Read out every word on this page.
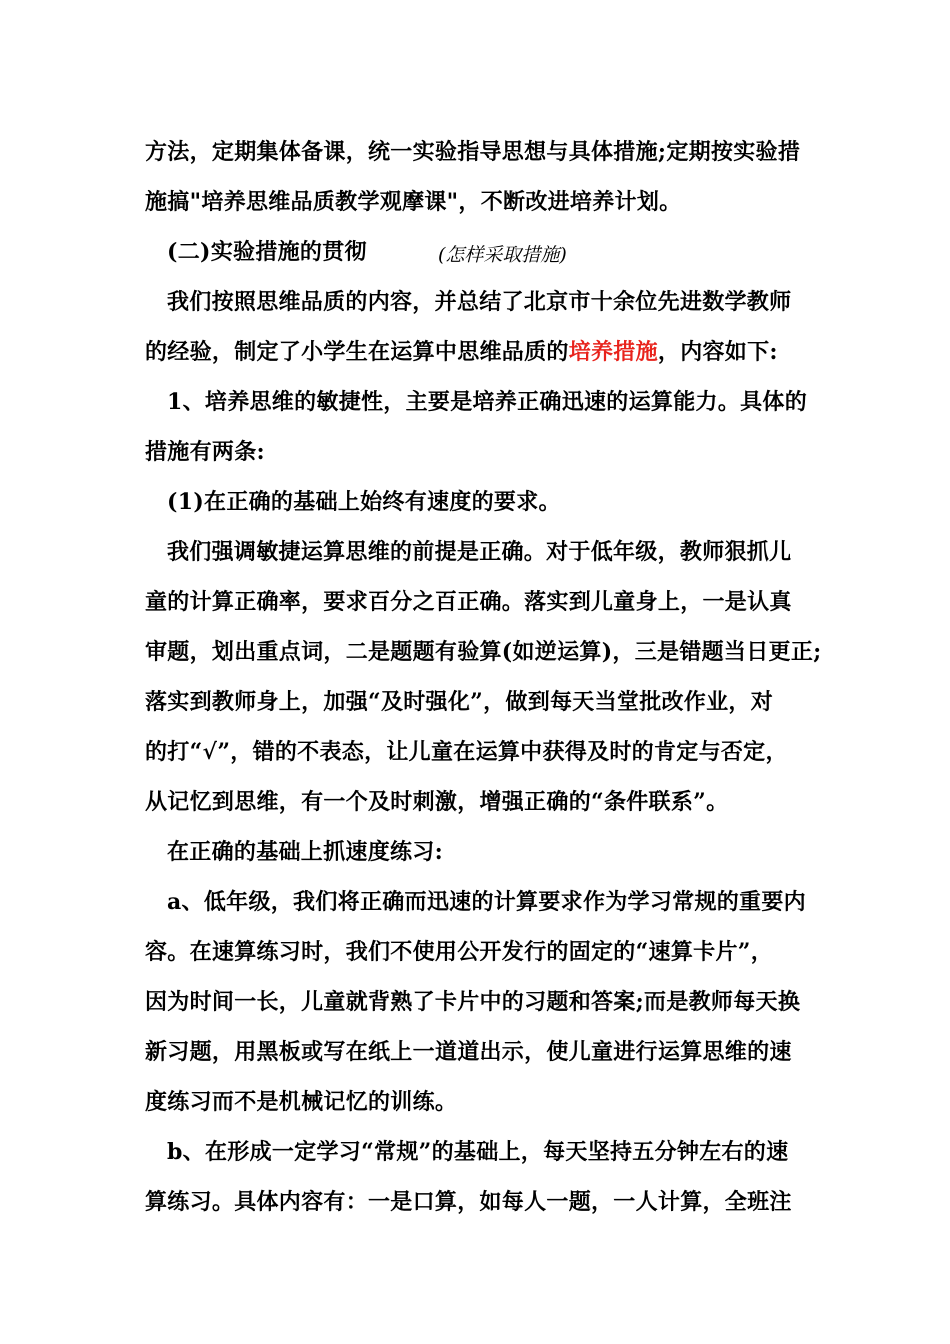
方法，定期集体备课，统一实验指导思想与具体措施;定期按实验措
施搞"培养思维品质教学观摩课"，不断改进培养计划。
(二)实验措施的贯彻	(怎样采取措施)
我们按照思维品质的内容，并总结了北京市十余位先进数学教师
的经验，制定了小学生在运算中思维品质的培养措施，内容如下:
1、培养思维的敏捷性，主要是培养正确迅速的运算能力。具体的
措施有两条:
(1)在正确的基础上始终有速度的要求。
我们强调敏捷运算思维的前提是正确。对于低年级，教师狠抓儿
童的计算正确率，要求百分之百正确。落实到儿童身上，一是认真
审题，划出重点词，二是题题有验算(如逆运算)，三是错题当日更正;
落实到教师身上，加强“及时强化”，做到每天当堂批改作业，对
的打“√”，错的不表态，让儿童在运算中获得及时的肯定与否定，
从记忆到思维，有一个及时刺激，增强正确的“条件联系”。
在正确的基础上抓速度练习:
a、低年级，我们将正确而迅速的计算要求作为学习常规的重要内
容。在速算练习时，我们不使用公开发行的固定的“速算卡片”，
因为时间一长，儿童就背熟了卡片中的习题和答案;而是教师每天换
新习题，用黑板或写在纸上一道道出示，使儿童进行运算思维的速
度练习而不是机械记忆的训练。
b、在形成一定学习“常规”的基础上，每天坚持五分钟左右的速
算练习。具体内容有：一是口算，如每人一题，一人计算，全班注
